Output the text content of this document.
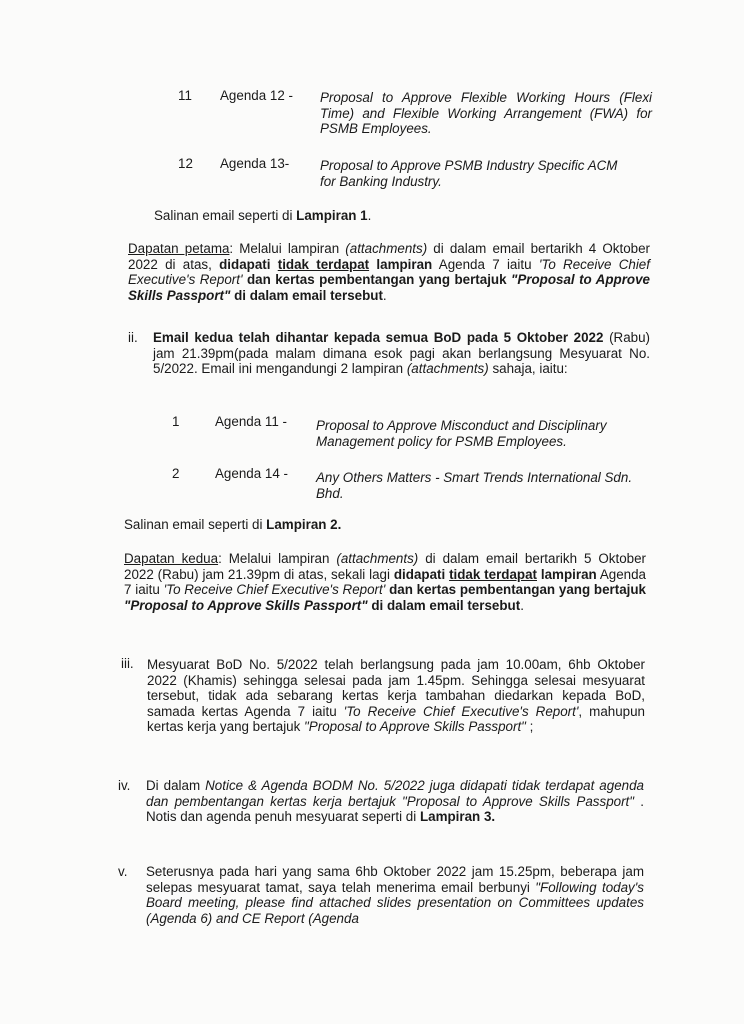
11 Agenda 12 - Proposal to Approve Flexible Working Hours (Flexi Time) and Flexible Working Arrangement (FWA) for PSMB Employees.
12 Agenda 13- Proposal to Approve PSMB Industry Specific ACM for Banking Industry.
Salinan email seperti di Lampiran 1.
Dapatan petama: Melalui lampiran (attachments) di dalam email bertarikh 4 Oktober 2022 di atas, didapati tidak terdapat lampiran Agenda 7 iaitu 'To Receive Chief Executive's Report' dan kertas pembentangan yang bertajuk "Proposal to Approve Skills Passport" di dalam email tersebut.
ii. Email kedua telah dihantar kepada semua BoD pada 5 Oktober 2022 (Rabu) jam 21.39pm(pada malam dimana esok pagi akan berlangsung Mesyuarat No. 5/2022. Email ini mengandungi 2 lampiran (attachments) sahaja, iaitu:
1	Agenda 11 - Proposal to Approve Misconduct and Disciplinary Management policy for PSMB Employees.
2	Agenda 14 - Any Others Matters - Smart Trends International Sdn. Bhd.
Salinan email seperti di Lampiran 2.
Dapatan kedua: Melalui lampiran (attachments) di dalam email bertarikh 5 Oktober 2022 (Rabu) jam 21.39pm di atas, sekali lagi didapati tidak terdapat lampiran Agenda 7 iaitu 'To Receive Chief Executive's Report' dan kertas pembentangan yang bertajuk "Proposal to Approve Skills Passport" di dalam email tersebut.
iii. Mesyuarat BoD No. 5/2022 telah berlangsung pada jam 10.00am, 6hb Oktober 2022 (Khamis) sehingga selesai pada jam 1.45pm. Sehingga selesai mesyuarat tersebut, tidak ada sebarang kertas kerja tambahan diedarkan kepada BoD, samada kertas Agenda 7 iaitu 'To Receive Chief Executive's Report', mahupun kertas kerja yang bertajuk "Proposal to Approve Skills Passport" ;
iv. Di dalam Notice & Agenda BODM No. 5/2022 juga didapati tidak terdapat agenda dan pembentangan kertas kerja bertajuk "Proposal to Approve Skills Passport" . Notis dan agenda penuh mesyuarat seperti di Lampiran 3.
v. Seterusnya pada hari yang sama 6hb Oktober 2022 jam 15.25pm, beberapa jam selepas mesyuarat tamat, saya telah menerima email berbunyi "Following today's Board meeting, please find attached slides presentation on Committees updates (Agenda 6) and CE Report (Agenda
